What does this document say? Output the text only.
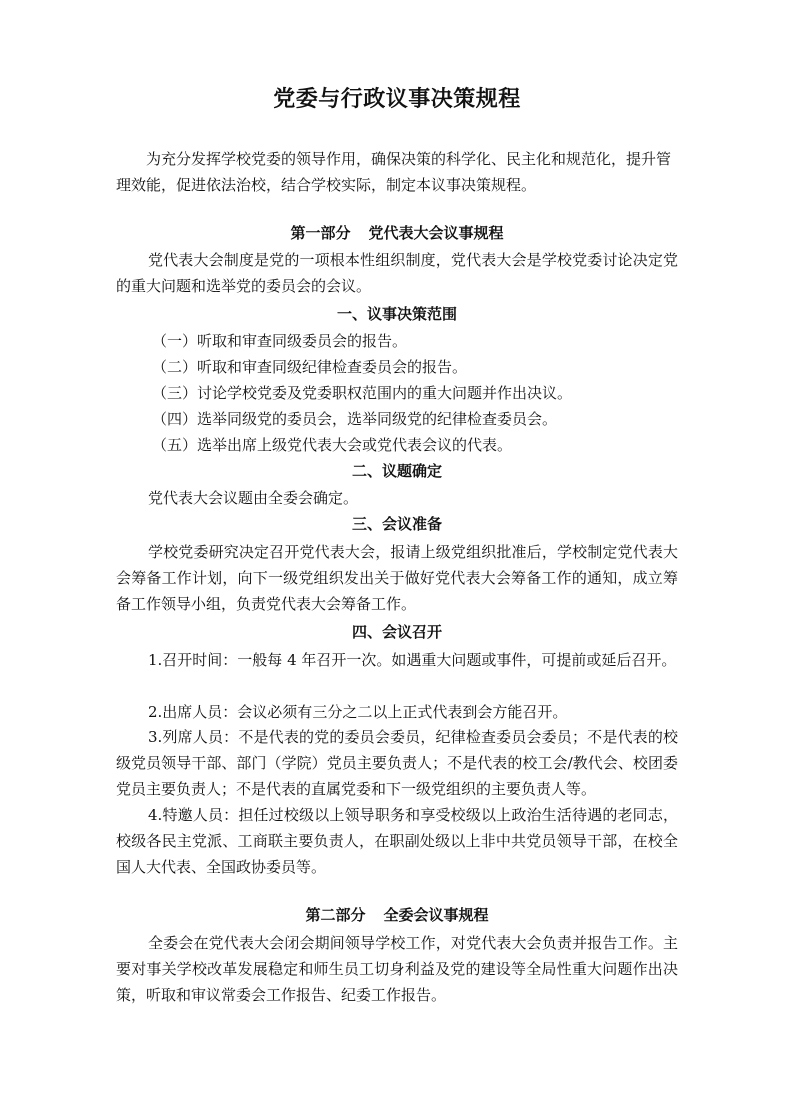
党委与行政议事决策规程

为充分发挥学校党委的领导作用，确保决策的科学化、民主化和规范化，提升管理效能，促进依法治校，结合学校实际，制定本议事决策规程。

第一部分 党代表大会议事规程

党代表大会制度是党的一项根本性组织制度，党代表大会是学校党委讨论决定党的重大问题和选举党的委员会的会议。

一、议事决策范围

（一）听取和审查同级委员会的报告。

（二）听取和审查同级纪律检查委员会的报告。

（三）讨论学校党委及党委职权范围内的重大问题并作出决议。

（四）选举同级党的委员会，选举同级党的纪律检查委员会。

（五）选举出席上级党代表大会或党代表会议的代表。

二、议题确定

党代表大会议题由全委会确定。

三、会议准备

学校党委研究决定召开党代表大会，报请上级党组织批准后，学校制定党代表大会筹备工作计划，向下一级党组织发出关于做好党代表大会筹备工作的通知，成立筹备工作领导小组，负责党代表大会筹备工作。

四、会议召开

1.召开时间：一般每 4 年召开一次。如遇重大问题或事件，可提前或延后召开。

2.出席人员：会议必须有三分之二以上正式代表到会方能召开。

3.列席人员：不是代表的党的委员会委员，纪律检查委员会委员；不是代表的校级党员领导干部、部门（学院）党员主要负责人；不是代表的校工会/教代会、校团委党员主要负责人；不是代表的直属党委和下一级党组织的主要负责人等。

4.特邀人员：担任过校级以上领导职务和享受校级以上政治生活待遇的老同志，校级各民主党派、工商联主要负责人，在职副处级以上非中共党员领导干部，在校全国人大代表、全国政协委员等。

第二部分 全委会议事规程

全委会在党代表大会闭会期间领导学校工作，对党代表大会负责并报告工作。主要对事关学校改革发展稳定和师生员工切身利益及党的建设等全局性重大问题作出决策，听取和审议常委会工作报告、纪委工作报告。
